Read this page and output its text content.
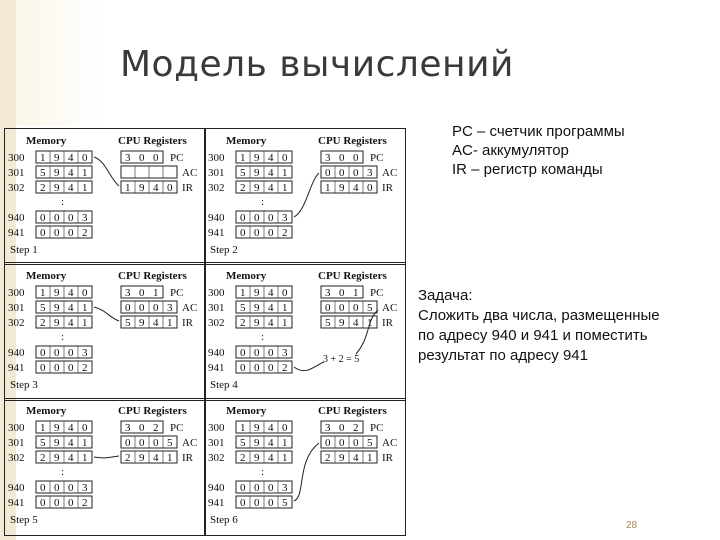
Модель вычислений
PC – счетчик программы
AC- аккумулятор
IR – регистр команды
Задача:
Сложить два числа, размещенные
по адресу 940 и 941 и поместить
результат по адресу 941
28
Memory	CPU Registers
300 1 9 4 0
301 5 9 4 1
302 2 9 4 1
940 0 0 0 3
941 0 0 0 2
:
3 0 0 PC
AC
1 9 4 0 IR
Step 1
Memory	CPU Registers
300 1 9 4 0
301 5 9 4 1
302 2 9 4 1
940 0 0 0 3
941 0 0 0 2
:
3 0 0 PC
0 0 0 3 AC
1 9 4 0 IR
Step 2
Memory	CPU Registers
300 1 9 4 0
301 5 9 4 1
302 2 9 4 1
940 0 0 0 3
941 0 0 0 2
:
3 0 1 PC
0 0 0 3 AC
5 9 4 1 IR
Step 3
Memory	CPU Registers
300 1 9 4 0
301 5 9 4 1
302 2 9 4 1
940 0 0 0 3
941 0 0 0 2
:
3 0 1 PC
0 0 0 5 AC
5 9 4 1 IR
3 + 2 = 5
Step 4
Memory	CPU Registers
300 1 9 4 0
301 5 9 4 1
302 2 9 4 1
940 0 0 0 3
941 0 0 0 2
:
3 0 2 PC
0 0 0 5 AC
2 9 4 1 IR
Step 5
Memory	CPU Registers
300 1 9 4 0
301 5 9 4 1
302 2 9 4 1
940 0 0 0 3
941 0 0 0 5
:
3 0 2 PC
0 0 0 5 AC
2 9 4 1 IR
Step 6
